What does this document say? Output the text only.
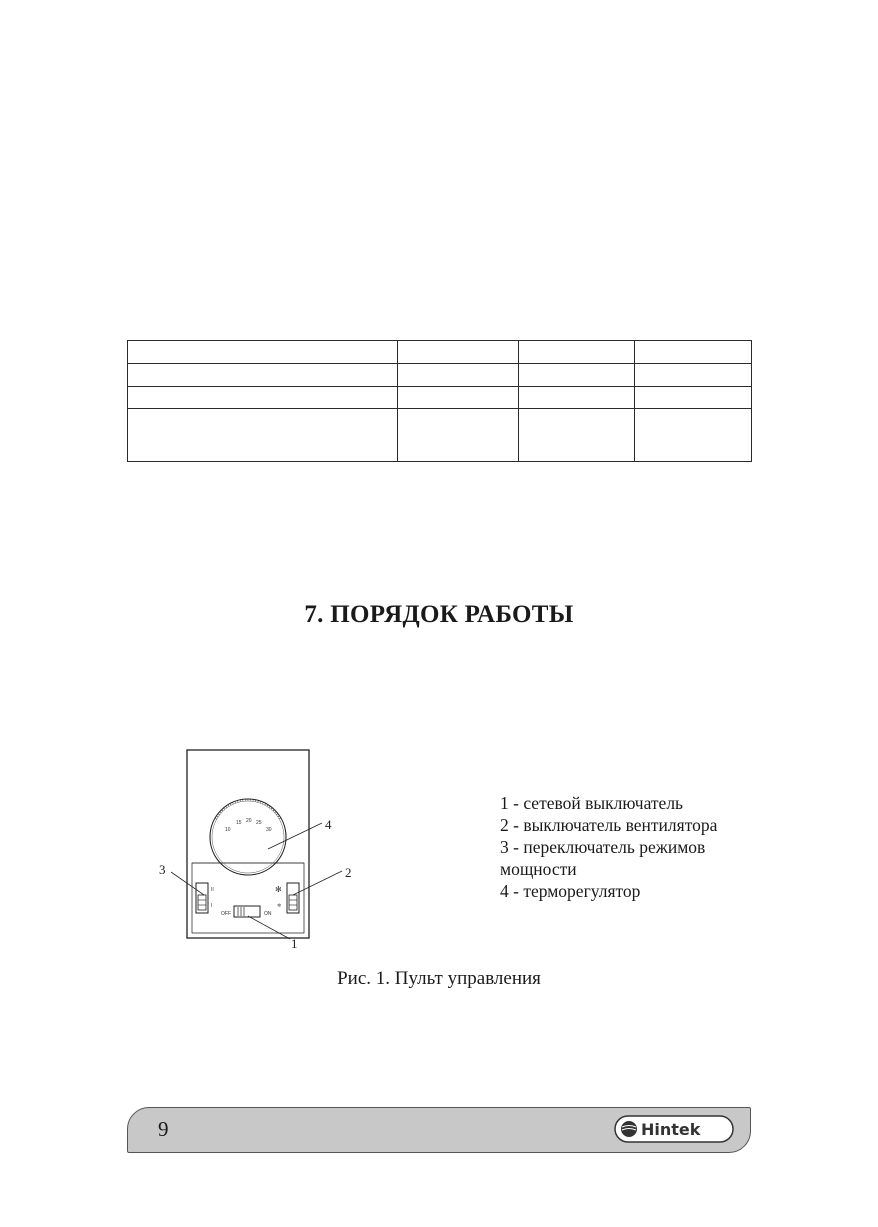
7. ПОРЯДОК РАБОТЫ
10
15 20 25
30
II
I
✻
✲
OFF	ON
4
3	2
1
1 - сетевой выключатель
2 - выключатель вентилятора
3 - переключатель режимов
мощности
4 - терморегулятор
Рис. 1. Пульт управления
9	Hintek
